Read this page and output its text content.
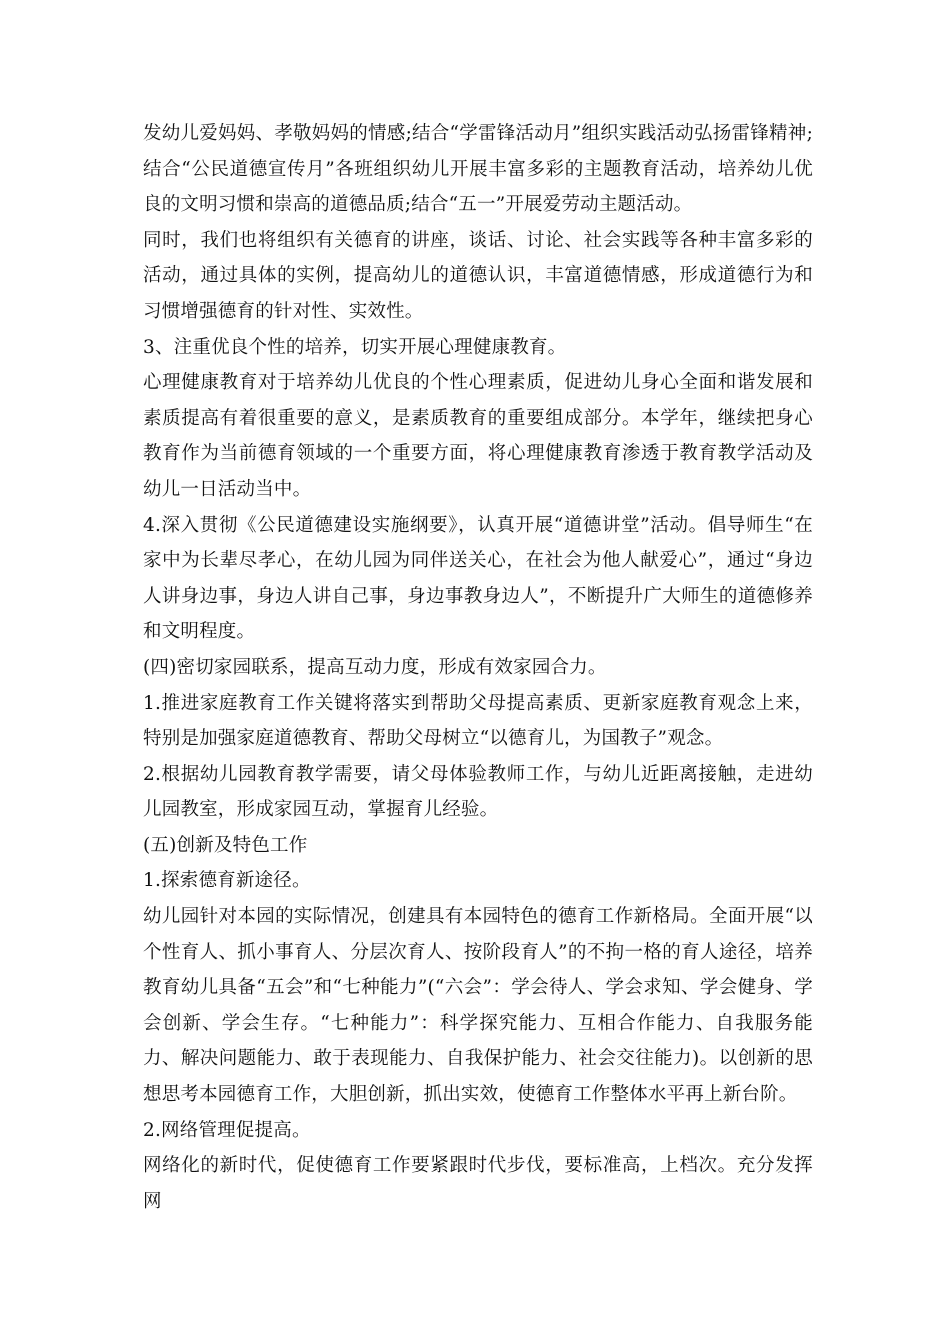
发幼儿爱妈妈、孝敬妈妈的情感;结合“学雷锋活动月”组织实践活动弘扬雷锋精神;结合“公民道德宣传月”各班组织幼儿开展丰富多彩的主题教育活动，培养幼儿优良的文明习惯和崇高的道德品质;结合“五一”开展爱劳动主题活动。

同时，我们也将组织有关德育的讲座，谈话、讨论、社会实践等各种丰富多彩的活动，通过具体的实例，提高幼儿的道德认识，丰富道德情感，形成道德行为和习惯增强德育的针对性、实效性。

3、注重优良个性的培养，切实开展心理健康教育。

心理健康教育对于培养幼儿优良的个性心理素质，促进幼儿身心全面和谐发展和素质提高有着很重要的意义，是素质教育的重要组成部分。本学年，继续把身心教育作为当前德育领域的一个重要方面，将心理健康教育渗透于教育教学活动及幼儿一日活动当中。

4.深入贯彻《公民道德建设实施纲要》，认真开展“道德讲堂”活动。倡导师生“在家中为长辈尽孝心，在幼儿园为同伴送关心，在社会为他人献爱心”，通过“身边人讲身边事，身边人讲自己事，身边事教身边人”，不断提升广大师生的道德修养和文明程度。

(四)密切家园联系，提高互动力度，形成有效家园合力。

1.推进家庭教育工作关键将落实到帮助父母提高素质、更新家庭教育观念上来，特别是加强家庭道德教育、帮助父母树立“以德育儿，为国教子”观念。

2.根据幼儿园教育教学需要，请父母体验教师工作，与幼儿近距离接触，走进幼儿园教室，形成家园互动，掌握育儿经验。

(五)创新及特色工作

1.探索德育新途径。

幼儿园针对本园的实际情况，创建具有本园特色的德育工作新格局。全面开展“以个性育人、抓小事育人、分层次育人、按阶段育人”的不拘一格的育人途径，培养教育幼儿具备“五会”和“七种能力”(“六会”：学会待人、学会求知、学会健身、学会创新、学会生存。“七种能力”：科学探究能力、互相合作能力、自我服务能力、解决问题能力、敢于表现能力、自我保护能力、社会交往能力)。以创新的思想思考本园德育工作，大胆创新，抓出实效，使德育工作整体水平再上新台阶。

2.网络管理促提高。

网络化的新时代，促使德育工作要紧跟时代步伐，要标准高，上档次。充分发挥网
